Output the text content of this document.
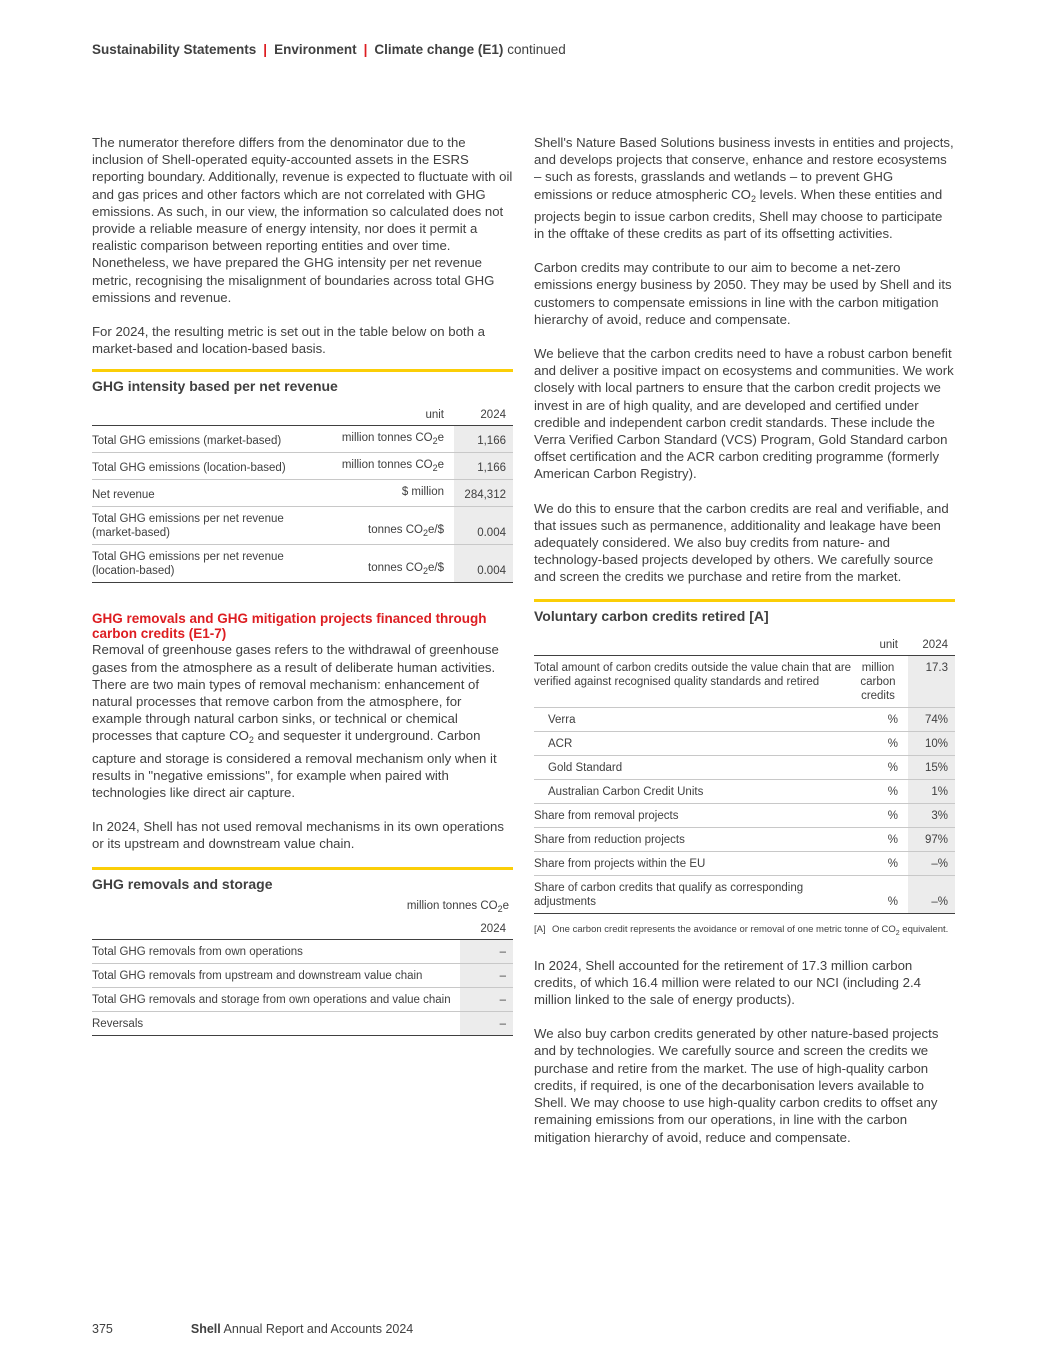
Sustainability Statements | Environment | Climate change (E1) continued

The numerator therefore differs from the denominator due to the inclusion of Shell-operated equity-accounted assets in the ESRS reporting boundary. Additionally, revenue is expected to fluctuate with oil and gas prices and other factors which are not correlated with GHG emissions. As such, in our view, the information so calculated does not provide a reliable measure of energy intensity, nor does it permit a realistic comparison between reporting entities and over time. Nonetheless, we have prepared the GHG intensity per net revenue metric, recognising the misalignment of boundaries across total GHG emissions and revenue.

For 2024, the resulting metric is set out in the table below on both a market-based and location-based basis.

GHG intensity based per net revenue
	unit	2024
Total GHG emissions (market-based)	million tonnes $CO_2e$	1,166
Total GHG emissions (location-based)	million tonnes $CO_2e$	1,166
Net revenue	$ million	284,312
Total GHG emissions per net revenue (market-based)	tonnes $CO_2e/\$$	0.004
Total GHG emissions per net revenue (location-based)	tonnes $CO_2e/\$$	0.004
GHG removals and GHG mitigation projects financed through carbon credits (E1-7)

Removal of greenhouse gases refers to the withdrawal of greenhouse gases from the atmosphere as a result of deliberate human activities. There are two main types of removal mechanism: enhancement of natural processes that remove carbon from the atmosphere, for example through natural carbon sinks, or technical or chemical processes that capture $CO_2$ and sequester it underground. Carbon capture and storage is considered a removal mechanism only when it results in "negative emissions", for example when paired with technologies like direct air capture.

In 2024, Shell has not used removal mechanisms in its own operations or its upstream and downstream value chain.

GHG removals and storage
million tonnes $CO_2e$
	2024
Total GHG removals from own operations	–
Total GHG removals from upstream and downstream value chain	–
Total GHG removals and storage from own operations and value chain	–
Reversals	–

Shell's Nature Based Solutions business invests in entities and projects, and develops projects that conserve, enhance and restore ecosystems – such as forests, grasslands and wetlands – to prevent GHG emissions or reduce atmospheric $CO_2$ levels. When these entities and projects begin to issue carbon credits, Shell may choose to participate in the offtake of these credits as part of its offsetting activities.

Carbon credits may contribute to our aim to become a net-zero emissions energy business by 2050. They may be used by Shell and its customers to compensate emissions in line with the carbon mitigation hierarchy of avoid, reduce and compensate.

We believe that the carbon credits need to have a robust carbon benefit and deliver a positive impact on ecosystems and communities. We work closely with local partners to ensure that the carbon credit projects we invest in are of high quality, and are developed and certified under credible and independent carbon credit standards. These include the Verra Verified Carbon Standard (VCS) Program, Gold Standard carbon offset certification and the ACR carbon crediting programme (formerly American Carbon Registry).

We do this to ensure that the carbon credits are real and verifiable, and that issues such as permanence, additionality and leakage have been adequately considered. We also buy credits from nature- and technology-based projects developed by others. We carefully source and screen the credits we purchase and retire from the market.

Voluntary carbon credits retired [A]
	unit	2024
Total amount of carbon credits outside the value chain that are verified against recognised quality standards and retired	million carbon credits	17.3
Verra	%	74%
ACR	%	10%
Gold Standard	%	15%
Australian Carbon Credit Units	%	1%
Share from removal projects	%	3%
Share from reduction projects	%	97%
Share from projects within the EU	%	–%
Share of carbon credits that qualify as corresponding adjustments	%	–%
[A] One carbon credit represents the avoidance or removal of one metric tonne of $CO_2$ equivalent.

In 2024, Shell accounted for the retirement of 17.3 million carbon credits, of which 16.4 million were related to our NCI (including 2.4 million linked to the sale of energy products).

We also buy carbon credits generated by other nature-based projects and by technologies. We carefully source and screen the credits we purchase and retire from the market. The use of high-quality carbon credits, if required, is one of the decarbonisation levers available to Shell. We may choose to use high-quality carbon credits to offset any remaining emissions from our operations, in line with the carbon mitigation hierarchy of avoid, reduce and compensate.

375	Shell Annual Report and Accounts 2024
